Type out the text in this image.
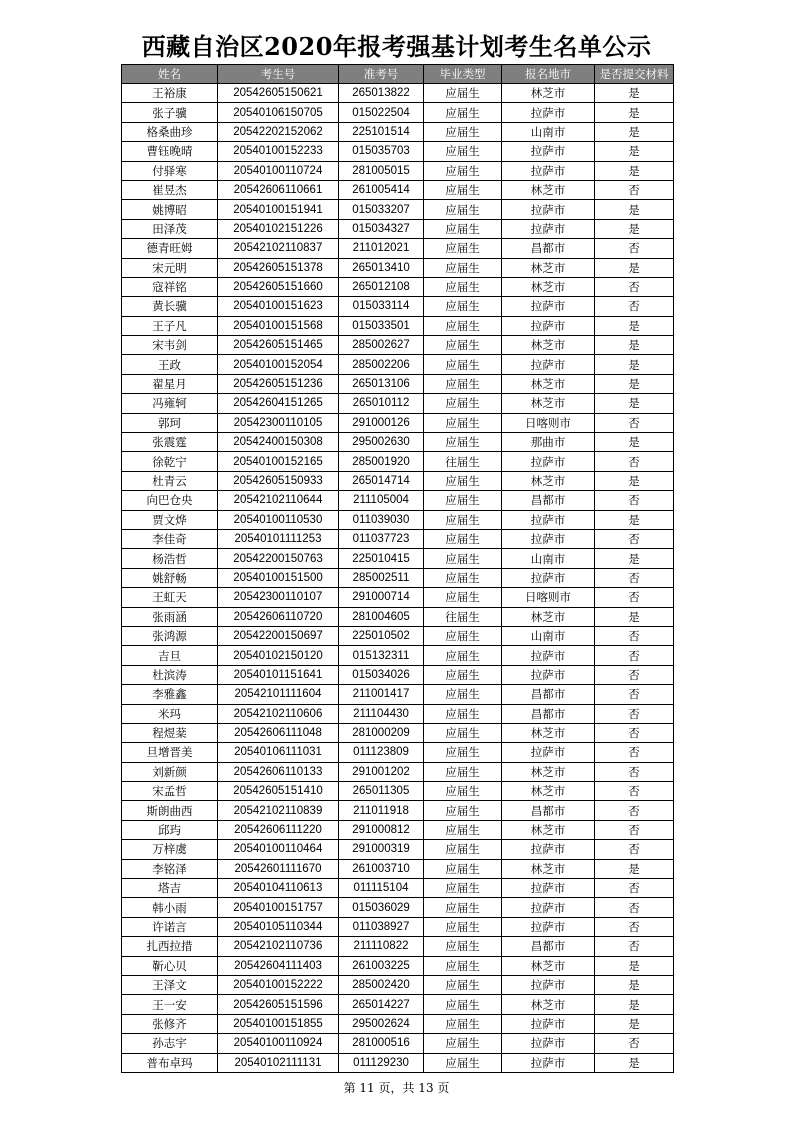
西藏自治区2020年报考强基计划考生名单公示
姓名	考生号	准考号	毕业类型	报名地市	是否提交材料
王裕康	20542605150621	265013822	应届生	林芝市	是
张子骥	20540106150705	015022504	应届生	拉萨市	是
格桑曲珍	20542202152062	225101514	应届生	山南市	是
曹钰晚晴	20540100152233	015035703	应届生	拉萨市	是
付驿寒	20540100110724	281005015	应届生	拉萨市	是
崔昱杰	20542606110661	261005414	应届生	林芝市	否
姚博昭	20540100151941	015033207	应届生	拉萨市	是
田泽茂	20540102151226	015034327	应届生	拉萨市	是
德青旺姆	20542102110837	211012021	应届生	昌都市	否
宋元明	20542605151378	265013410	应届生	林芝市	是
寇祥铭	20542605151660	265012108	应届生	林芝市	否
黄长骥	20540100151623	015033114	应届生	拉萨市	否
王子凡	20540100151568	015033501	应届生	拉萨市	是
宋韦剑	20542605151465	285002627	应届生	林芝市	是
王政	20540100152054	285002206	应届生	拉萨市	是
翟星月	20542605151236	265013106	应届生	林芝市	是
冯雍轲	20542604151265	265010112	应届生	林芝市	是
郭珂	20542300110105	291000126	应届生	日喀则市	否
张震霆	20542400150308	295002630	应届生	那曲市	是
徐乾宁	20540100152165	285001920	往届生	拉萨市	否
杜青云	20542605150933	265014714	应届生	林芝市	是
向巴仓央	20542102110644	211105004	应届生	昌都市	否
贾文烨	20540100110530	011039030	应届生	拉萨市	是
李佳奇	20540101111253	011037723	应届生	拉萨市	否
杨浩哲	20542200150763	225010415	应届生	山南市	是
姚舒畅	20540100151500	285002511	应届生	拉萨市	否
王虹天	20542300110107	291000714	应届生	日喀则市	否
张雨涵	20542606110720	281004605	往届生	林芝市	是
张鸿源	20542200150697	225010502	应届生	山南市	否
吉旦	20540102150120	015132311	应届生	拉萨市	否
杜滨涛	20540101151641	015034026	应届生	拉萨市	否
李雅鑫	20542101111604	211001417	应届生	昌都市	否
米玛	20542102110606	211104430	应届生	昌都市	否
程煜棻	20542606111048	281000209	应届生	林芝市	否
旦增晋美	20540106111031	011123809	应届生	拉萨市	否
刘新颜	20542606110133	291001202	应届生	林芝市	否
宋孟哲	20542605151410	265011305	应届生	林芝市	否
斯朗曲西	20542102110839	211011918	应届生	昌都市	否
邱玙	20542606111220	291000812	应届生	林芝市	否
万梓虞	20540100110464	291000319	应届生	拉萨市	否
李铭泽	20542601111670	261003710	应届生	林芝市	是
塔吉	20540104110613	011115104	应届生	拉萨市	否
韩小雨	20540100151757	015036029	应届生	拉萨市	否
许诺言	20540105110344	011038927	应届生	拉萨市	否
扎西拉措	20542102110736	211110822	应届生	昌都市	否
靳心贝	20542604111403	261003225	应届生	林芝市	是
王泽文	20540100152222	285002420	应届生	拉萨市	是
王一安	20542605151596	265014227	应届生	林芝市	是
张修齐	20540100151855	295002624	应届生	拉萨市	是
孙志宇	20540100110924	281000516	应届生	拉萨市	否
普布卓玛	20540102111131	011129230	应届生	拉萨市	是
第 11 页，共 13 页
